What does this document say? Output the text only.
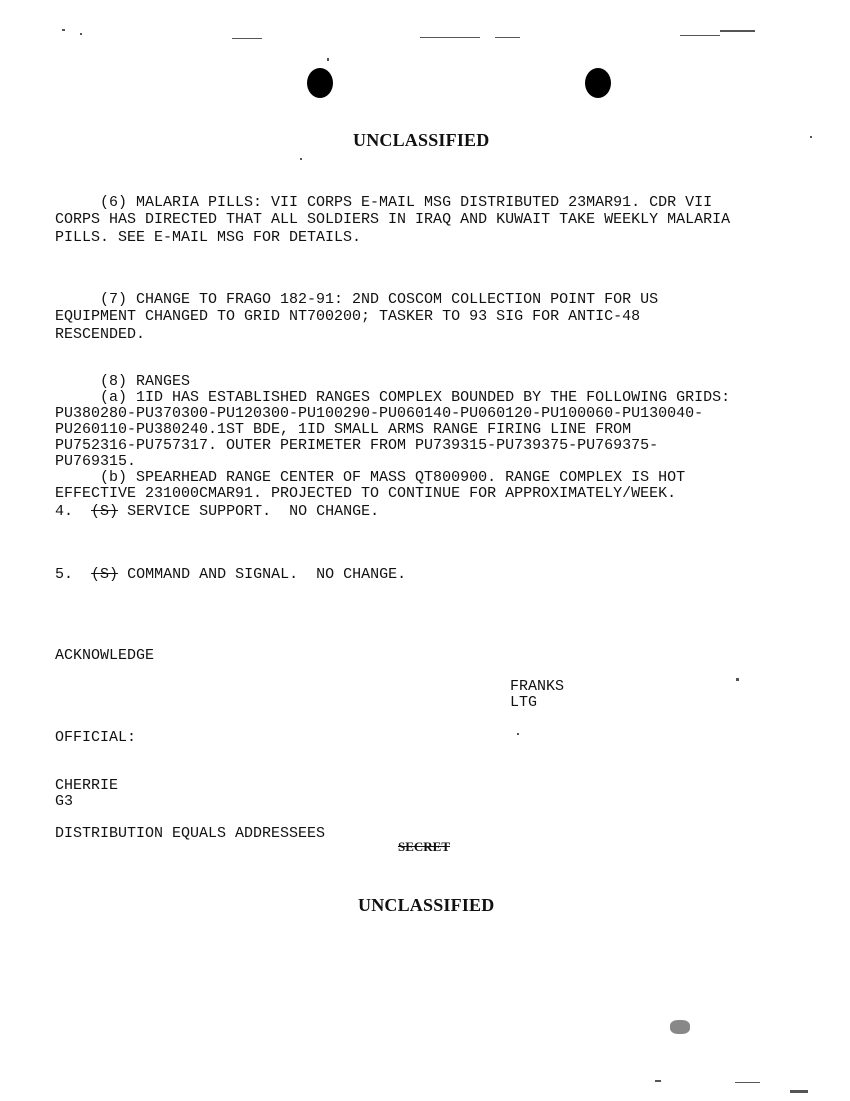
UNCLASSIFIED
(6) MALARIA PILLS: VII CORPS E-MAIL MSG DISTRIBUTED 23MAR91. CDR VII
CORPS HAS DIRECTED THAT ALL SOLDIERS IN IRAQ AND KUWAIT TAKE WEEKLY MALARIA
PILLS. SEE E-MAIL MSG FOR DETAILS.
(7) CHANGE TO FRAGO 182-91: 2ND COSCOM COLLECTION POINT FOR US
EQUIPMENT CHANGED TO GRID NT700200; TASKER TO 93 SIG FOR ANTIC-48
RESCENDED.
(8) RANGES
(a) 1ID HAS ESTABLISHED RANGES COMPLEX BOUNDED BY THE FOLLOWING GRIDS:
PU380280-PU370300-PU120300-PU100290-PU060140-PU060120-PU100060-PU130040-
PU260110-PU380240.1ST BDE, 1ID SMALL ARMS RANGE FIRING LINE FROM
PU752316-PU757317. OUTER PERIMETER FROM PU739315-PU739375-PU769375-
PU769315.
(b) SPEARHEAD RANGE CENTER OF MASS QT800900. RANGE COMPLEX IS HOT
EFFECTIVE 231000CMAR91. PROJECTED TO CONTINUE FOR APPROXIMATELY/WEEK.
4. (S) SERVICE SUPPORT.  NO CHANGE.
5. (S) COMMAND AND SIGNAL.  NO CHANGE.
ACKNOWLEDGE
FRANKS
LTG
OFFICIAL:
CHERRIE
G3
DISTRIBUTION EQUALS ADDRESSEES
SECRET
UNCLASSIFIED
